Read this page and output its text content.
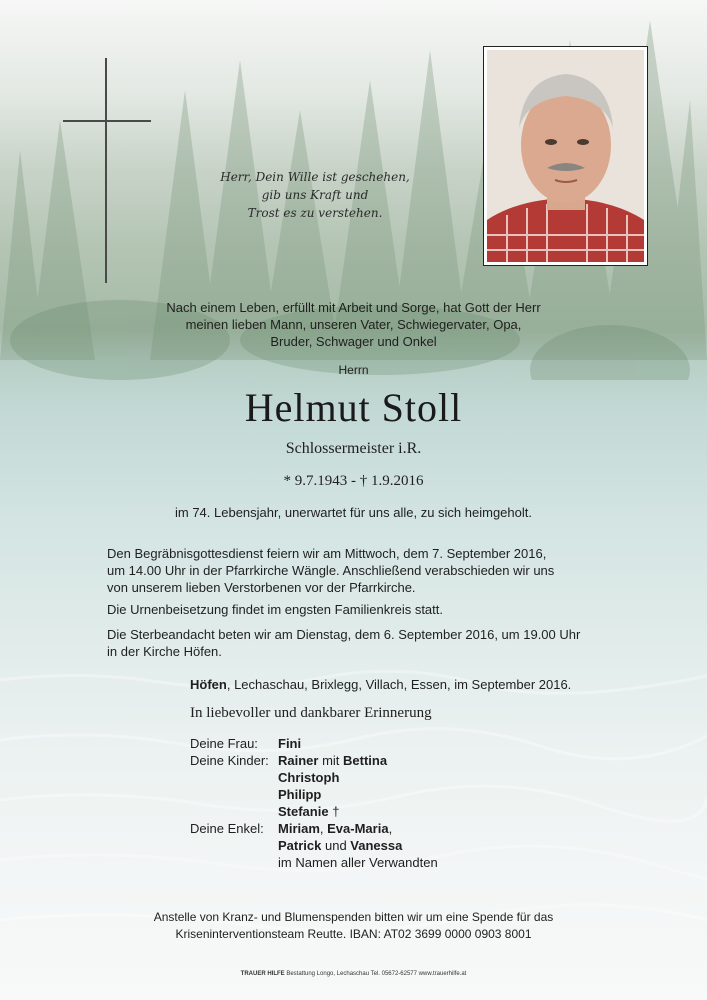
Herr, Dein Wille ist geschehen,
gib uns Kraft und
Trost es zu verstehen.
Nach einem Leben, erfüllt mit Arbeit und Sorge, hat Gott der Herr
meinen lieben Mann, unseren Vater, Schwiegervater, Opa,
Bruder, Schwager und Onkel
Herrn
Helmut Stoll
Schlossermeister i.R.
* 9.7.1943 - † 1.9.2016
im 74. Lebensjahr, unerwartet für uns alle, zu sich heimgeholt.
Den Begräbnisgottesdienst feiern wir am Mittwoch, dem 7. September 2016,
um 14.00 Uhr in der Pfarrkirche Wängle. Anschließend verabschieden wir uns
von unserem lieben Verstorbenen vor der Pfarrkirche.
Die Urnenbeisetzung findet im engsten Familienkreis statt.
Die Sterbeandacht beten wir am Dienstag, dem 6. September 2016, um 19.00 Uhr
in der Kirche Höfen.
Höfen, Lechaschau, Brixlegg, Villach, Essen, im September 2016.
In liebevoller und dankbarer Erinnerung
Deine Frau:	Fini
Deine Kinder: Rainer mit Bettina
Christoph
Philipp
Stefanie †
Deine Enkel:	Miriam, Eva-Maria,
Patrick und Vanessa
im Namen aller Verwandten
Anstelle von Kranz- und Blumenspenden bitten wir um eine Spende für das
Kriseninterventionsteam Reutte. IBAN: AT02 3699 0000 0903 8001
TRAUER HILFE Bestattung Longo, Lechaschau Tel. 05672-62577 www.trauerhilfe.at
